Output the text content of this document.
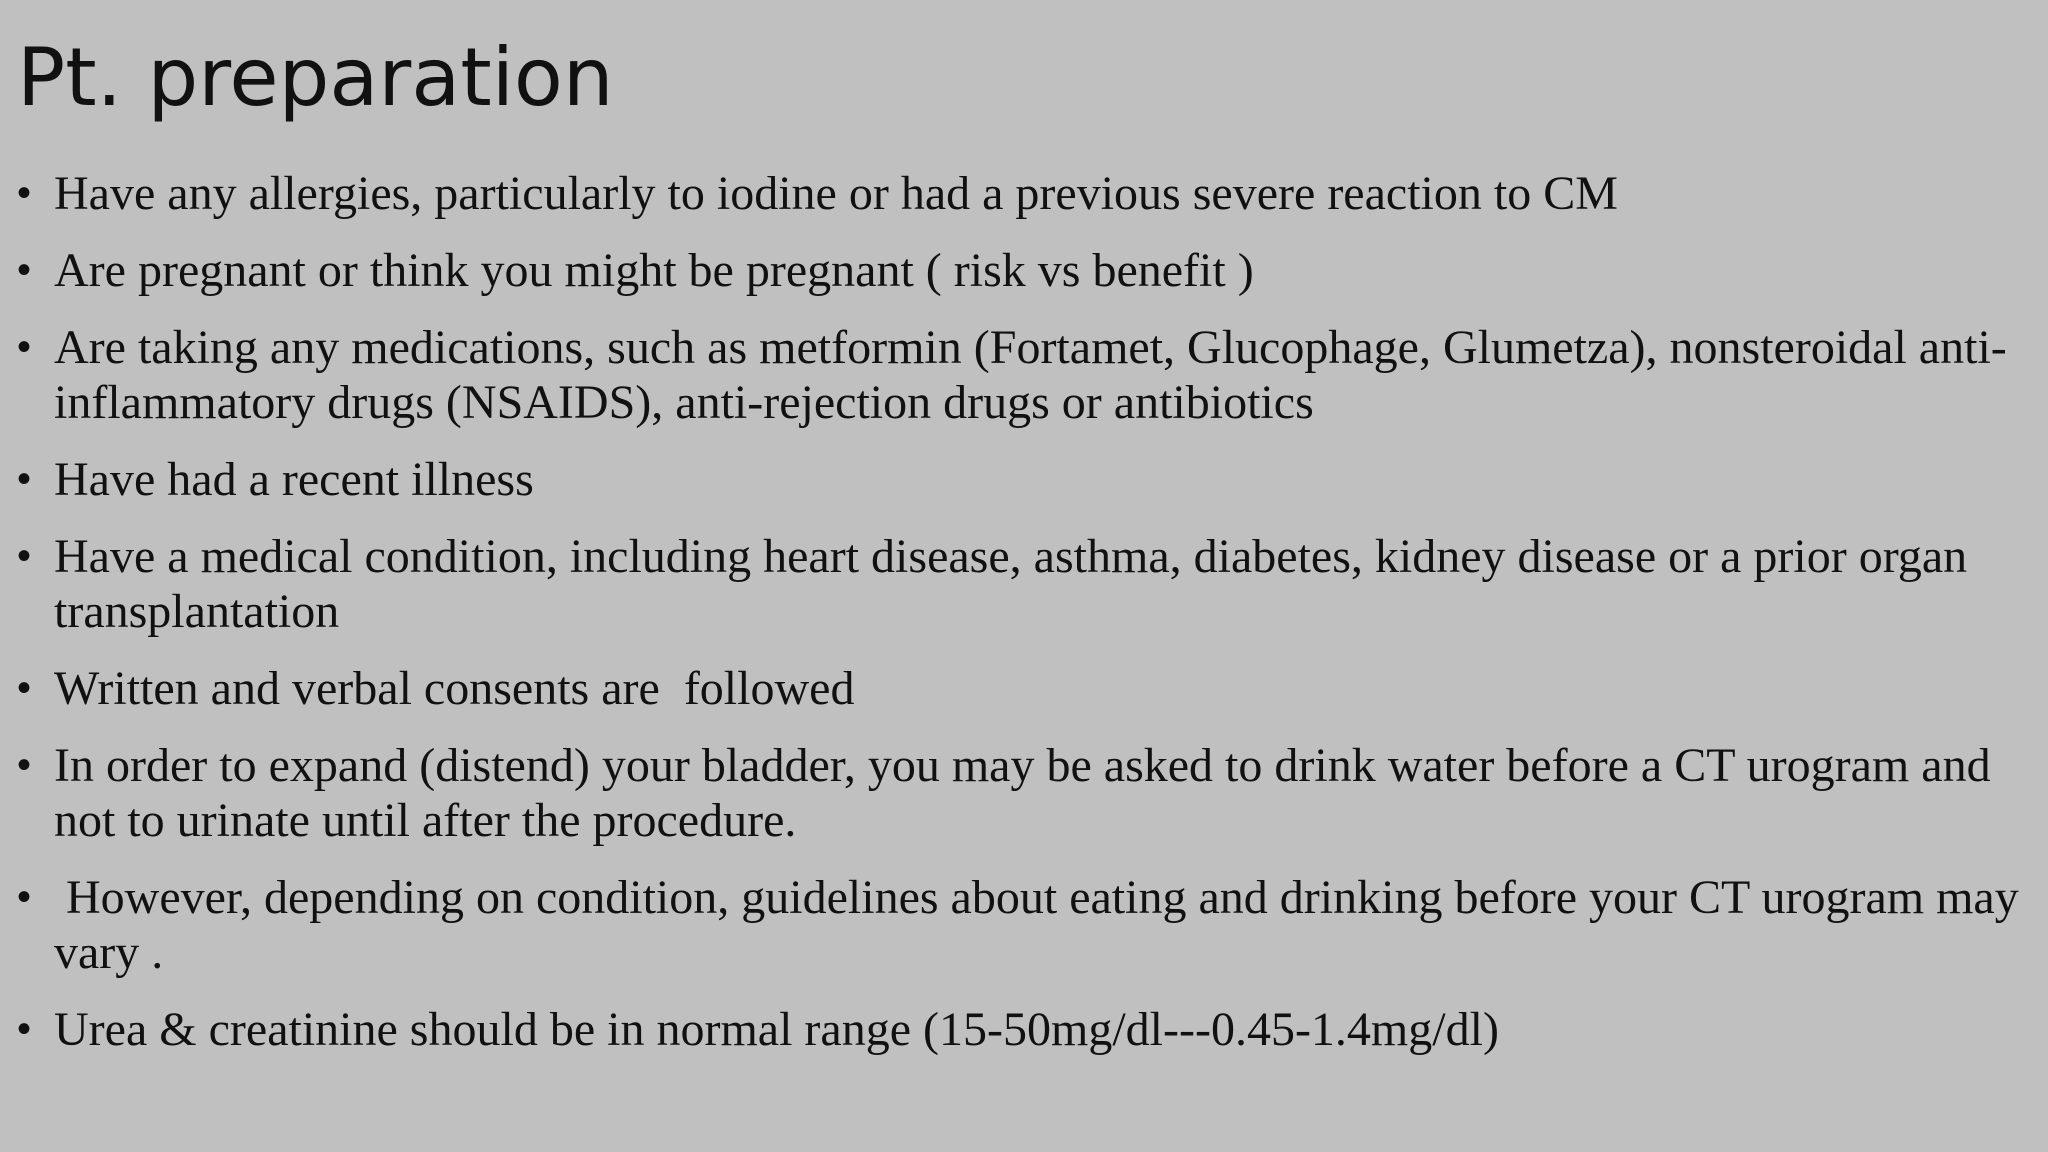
Pt. preparation
• Have any allergies, particularly to iodine or had a previous severe reaction to CM
• Are pregnant or think you might be pregnant ( risk vs benefit )
• Are taking any medications, such as metformin (Fortamet, Glucophage, Glumetza), nonsteroidal anti-inflammatory drugs (NSAIDS), anti-rejection drugs or antibiotics
• Have had a recent illness
• Have a medical condition, including heart disease, asthma, diabetes, kidney disease or a prior organ transplantation
• Written and verbal consents are  followed
• In order to expand (distend) your bladder, you may be asked to drink water before a CT urogram and not to urinate until after the procedure.
• However, depending on condition, guidelines about eating and drinking before your CT urogram may vary .
• Urea & creatinine should be in normal range (15-50mg/dl---0.45-1.4mg/dl)
